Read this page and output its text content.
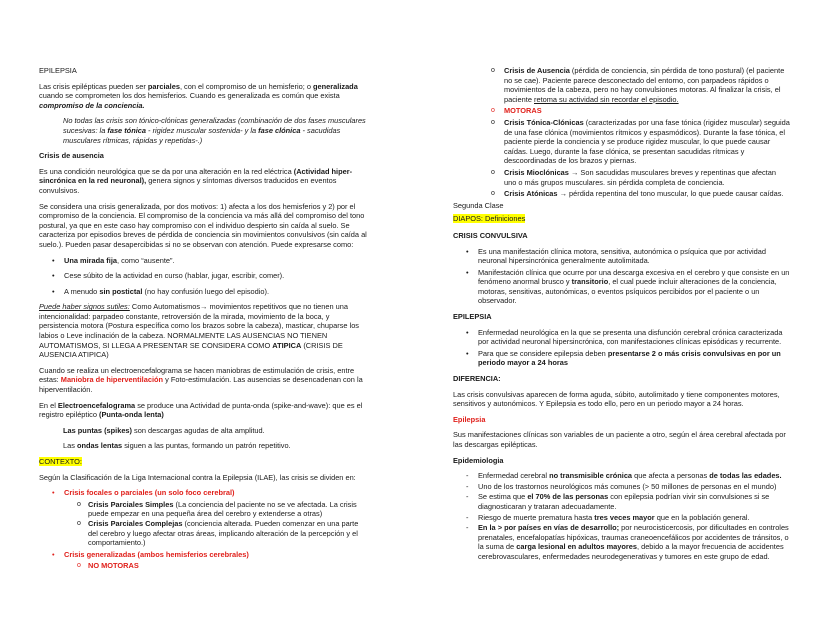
EPILEPSIA

Las crisis epilépticas pueden ser parciales, con el compromiso de un hemisferio; o generalizada cuando se comprometen los dos hemisferios. Cuando es generalizada es común que exista compromiso de la conciencia.

No todas las crisis son tónico-clónicas generalizadas (combinación de dos fases musculares sucesivas: la fase tónica - rigidez muscular sostenida- y la fase clónica - sacudidas musculares rítmicas, rápidas y repetidas-.)

Crisis de ausencia

Es una condición neurológica que se da por una alteración en la red eléctrica (Actividad hiper-sincrónica en la red neuronal), genera signos y síntomas diversos traducidos en eventos convulsivos.

Se considera una crisis generalizada, por dos motivos: 1) afecta a los dos hemisferios y 2) por el compromiso de la conciencia. El compromiso de la conciencia va más allá del compromiso del tono postural, ya que en este caso hay compromiso con el individuo despierto sin caída al suelo. Se caracteriza por episodios breves de pérdida de conciencia sin movimientos convulsivos (sin caída al suelo.). Pueden pasar desapercibidas si no se observan con atención. Puede expresarse como:

• Una mirada fija, como “ausente”.
• Cese súbito de la actividad en curso (hablar, jugar, escribir, comer).
• A menudo sin postictal (no hay confusión luego del episodio).

Puede haber signos sutiles: Como Automatismos→ movimientos repetitivos que no tienen una intencionalidad: parpadeo constante, retroversión de la mirada, movimiento de la boca, y persistencia motora (Postura específica como los brazos sobre la cabeza), masticar, chuparse los labios o Leve inclinación de la cabeza. NORMALMENTE LAS AUSENCIAS NO TIENEN AUTOMATISMOS, SI LLEGA A PRESENTAR SE CONSIDERA COMO ATIPICA (CRISIS DE AUSENCIA ATIPICA)

Cuando se realiza un electroencefalograma se hacen maniobras de estimulación de crisis, entre estas: Maniobra de hiperventilación y Foto-estimulación. Las ausencias se desencadenan con la hiperventilación.

En el Electroencefalograma se produce una Actividad de punta-onda (spike-and-wave): que es el registro epiléptico (Punta-onda lenta)

Las puntas (spikes) son descargas agudas de alta amplitud.

Las ondas lentas siguen a las puntas, formando un patrón repetitivo.

CONTEXTO:

Según la Clasificación de la Liga Internacional contra la Epilepsia (ILAE), las crisis se dividen en:

• Crisis focales o parciales (un solo foco cerebral)
o Crisis Parciales Simples (La conciencia del paciente no se ve afectada. La crisis puede empezar en una pequeña área del cerebro y extenderse a otras)
o Crisis Parciales Complejas (conciencia alterada. Pueden comenzar en una parte del cerebro y luego afectar otras áreas, implicando alteración de la percepción y el comportamiento.)
• Crisis generalizadas (ambos hemisferios cerebrales)
o NO MOTORAS
o Crisis de Ausencia (pérdida de conciencia, sin pérdida de tono postural) (el paciente no se cae). Paciente parece desconectado del entorno, con parpadeos rápidos o movimientos de la cabeza, pero no hay convulsiones motoras. Al finalizar la crisis, el paciente retoma su actividad sin recordar el episodio.
o MOTORAS
o Crisis Tónica-Clónicas (caracterizadas por una fase tónica (rigidez muscular) seguida de una fase clónica (movimientos rítmicos y espasmódicos). Durante la fase tónica, el paciente pierde la conciencia y se produce rigidez muscular, lo que puede causar caídas. Luego, durante la fase clónica, se presentan sacudidas rítmicas y descoordinadas de los brazos y piernas.
o Crisis Mioclónicas → Son sacudidas musculares breves y repentinas que afectan uno o más grupos musculares. sin pérdida completa de conciencia.
o Crisis Atónicas → pérdida repentina del tono muscular, lo que puede causar caídas.

Segunda Clase

DIAPOS: Definiciones

CRISIS CONVULSIVA

• Es una manifestación clínica motora, sensitiva, autonómica o psíquica que por actividad neuronal hipersincrónica generalmente autolimitada.
• Manifestación clínica que ocurre por una descarga excesiva en el cerebro y que consiste en un fenómeno anormal brusco y transitorio, el cual puede incluir alteraciones de la conciencia, motoras, sensitivas, autonómicas, o eventos psíquicos percibidos por el paciente o un observador.

EPILEPSIA

• Enfermedad neurológica en la que se presenta una disfunción cerebral crónica caracterizada por actividad neuronal hipersincrónica, con manifestaciones clínicas episódicas y recurrente.
• Para que se considere epilepsia deben presentarse 2 o más crisis convulsivas en por un periodo mayor a 24 horas

DIFERENCIA:

Las crisis convulsivas aparecen de forma aguda, súbito, autolimitado y tiene componentes motores, sensitivos y autonómicos. Y Epilepsia es todo ello, pero en un periodo mayor a 24 horas.

Epilepsia

Sus manifestaciones clínicas son variables de un paciente a otro, según el área cerebral afectada por las descargas epilépticas.

Epidemiologia

- Enfermedad cerebral no transmisible crónica que afecta a personas de todas las edades.
- Uno de los trastornos neurológicos más comunes (> 50 millones de personas en el mundo)
- Se estima que el 70% de las personas con epilepsia podrían vivir sin convulsiones si se diagnosticaran y trataran adecuadamente.
- Riesgo de muerte prematura hasta tres veces mayor que en la población general.
- En la > por países en vías de desarrollo; por neurocisticercosis, por dificultades en controles prenatales, encefalopatías hipóxicas, traumas craneoencefálicos por accidentes de tránsitos, o la suma de carga lesional en adultos mayores, debido a la mayor frecuencia de accidentes cerebrovasculares, enfermedades neurodegenerativas y tumores en este grupo de edad.
